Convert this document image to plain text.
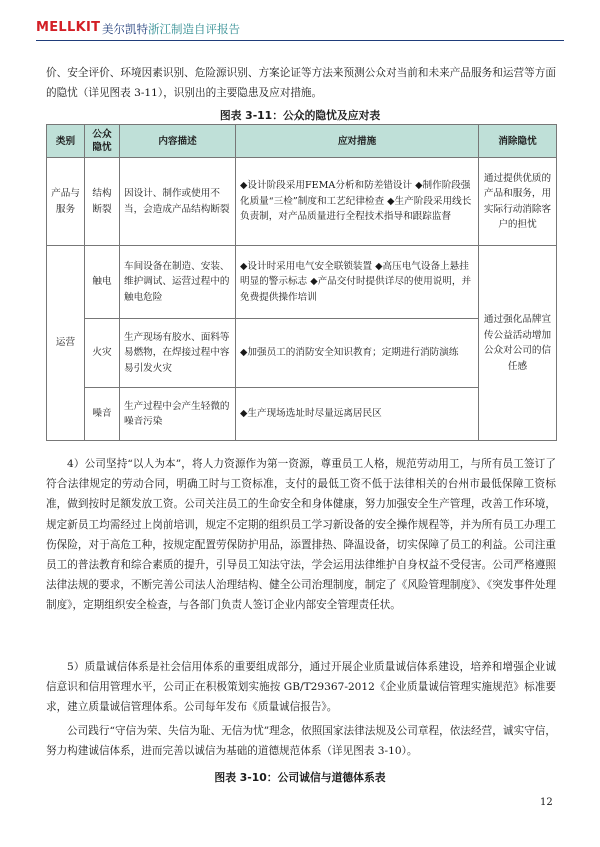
MELLKIT 美尔凯特浙江制造自评报告

价、安全评价、环境因素识别、危险源识别、方案论证等方法来预测公众对当前和未来产品服务和运营等方面的隐忧（详见图表 3-11），识别出的主要隐患及应对措施。

图表 3-11：公众的隐忧及应对表
类别	公众隐忧	内容描述	应对措施	消除隐忧
产品与服务	结构断裂	因设计、制作或使用不当，会造成产品结构断裂	◆设计阶段采用FEMA分析和防差错设计 ◆制作阶段强化质量“三检”制度和工艺纪律检查 ◆生产阶段采用线长负责制，对产品质量进行全程技术指导和跟踪监督	通过提供优质的产品和服务，用实际行动消除客户的担忧
运营	触电	车间设备在制造、安装、维护调试、运营过程中的触电危险	◆设计时采用电气安全联锁装置 ◆高压电气设备上悬挂明显的警示标志 ◆产品交付时提供详尽的使用说明，并免费提供操作培训	通过强化品牌宣传公益活动增加公众对公司的信任感
	火灾	生产现场有胶水、面料等易燃物，在焊接过程中容易引发火灾	◆加强员工的消防安全知识教育；定期进行消防演练	
	噪音	生产过程中会产生轻微的噪音污染	◆生产现场选址时尽量远离居民区	

4）公司坚持“以人为本”，将人力资源作为第一资源，尊重员工人格，规范劳动用工，与所有员工签订了符合法律规定的劳动合同，明确工时与工资标准，支付的最低工资不低于法律相关的台州市最低保障工资标准，做到按时足额发放工资。公司关注员工的生命安全和身体健康，努力加强安全生产管理，改善工作环境，规定新员工均需经过上岗前培训，规定不定期的组织员工学习新设备的安全操作规程等，并为所有员工办理工伤保险，对于高危工种，按规定配置劳保防护用品，添置排热、降温设备，切实保障了员工的利益。公司注重员工的普法教育和综合素质的提升，引导员工知法守法，学会运用法律维护自身权益不受侵害。公司严格遵照法律法规的要求，不断完善公司法人治理结构、健全公司治理制度，制定了《风险管理制度》、《突发事件处理制度》，定期组织安全检查，与各部门负责人签订企业内部安全管理责任状。

5）质量诚信体系是社会信用体系的重要组成部分，通过开展企业质量诚信体系建设，培养和增强企业诚信意识和信用管理水平，公司正在积极策划实施按 GB/T29367-2012《企业质量诚信管理实施规范》标准要求，建立质量诚信管理体系。公司每年发布《质量诚信报告》。

公司践行“守信为荣、失信为耻、无信为忧”理念，依照国家法律法规及公司章程，依法经营，诚实守信，努力构建诚信体系，进而完善以诚信为基础的道德规范体系（详见图表 3-10）。

图表 3-10：公司诚信与道德体系表
12
